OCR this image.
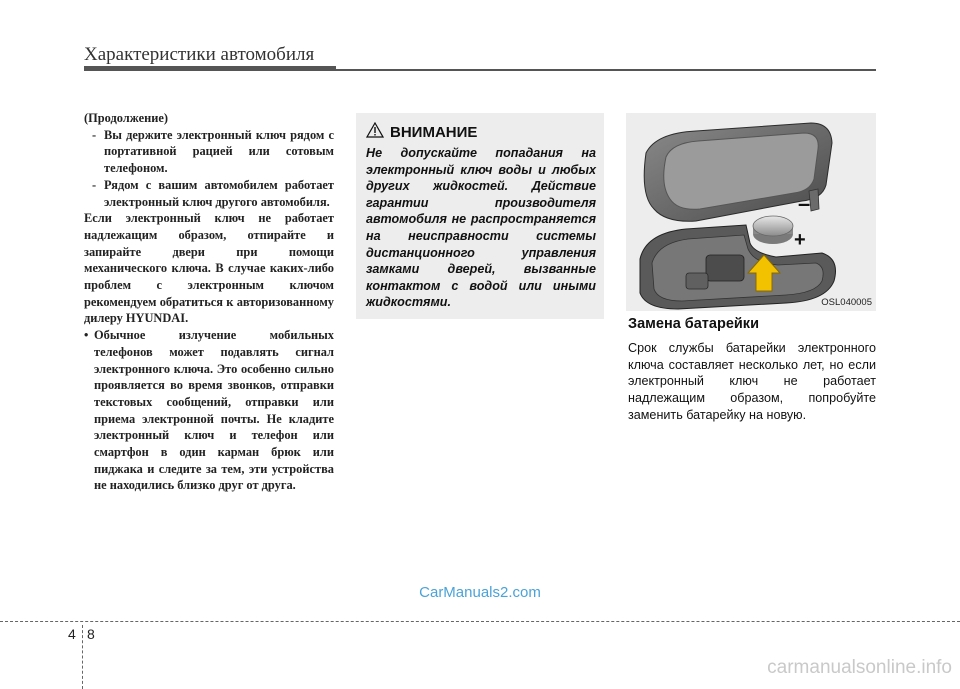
Характеристики автомобиля

(Продолжение)

- Вы держите электронный ключ рядом с портативной рацией или сотовым телефоном.
- Рядом с вашим автомобилем работает электронный ключ другого автомобиля.

Если электронный ключ не работает надлежащим образом, отпирайте и запирайте двери при помощи механического ключа. В случае каких-либо проблем с электронным ключом рекомендуем обратиться к авторизованному дилеру HYUNDAI.

• Обычное излучение мобильных телефонов может подавлять сигнал электронного ключа. Это особенно сильно проявляется во время звонков, отправки текстовых сообщений, отправки или приема электронной почты. Не кладите электронный ключ и телефон или смартфон в один карман брюк или пиджака и следите за тем, эти устройства не находились близко друг от друга.
ВНИМАНИЕ

Не допускайте попадания на электронный ключ воды и любых других жидкостей. Действие гарантии производителя автомобиля не распространяется на неисправности системы дистанционного управления замками дверей, вызванные контактом с водой или иными жидкостями.

–
+
OSL040005
Замена батарейки

Срок службы батарейки электронного ключа составляет несколько лет, но если электронный ключ не работает надлежащим образом, попробуйте заменить батарейку на новую.

CarManuals2.com
4 8
carmanualsonline.info
